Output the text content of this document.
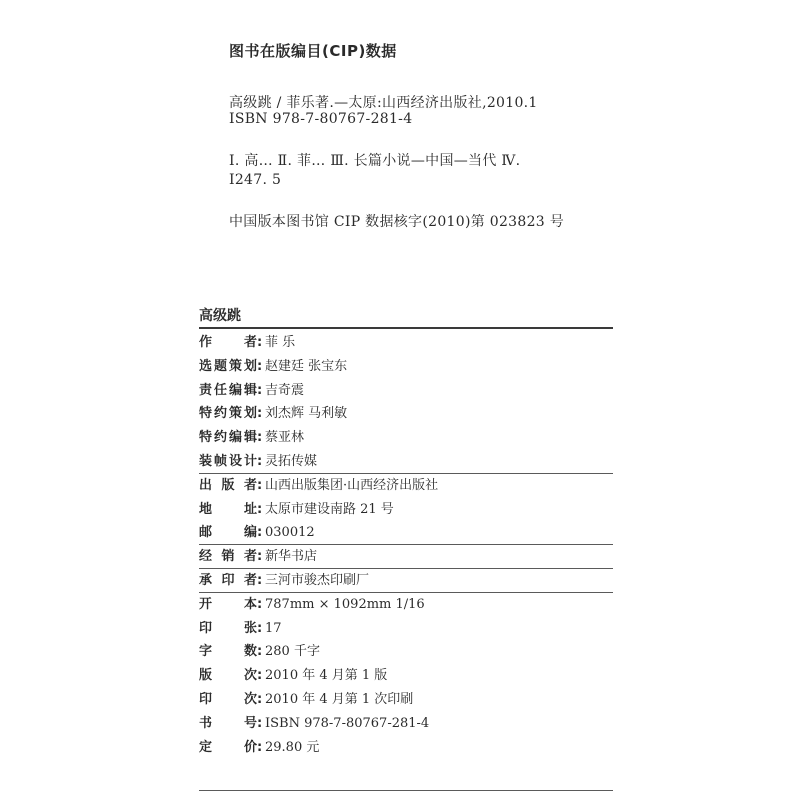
图书在版编目(CIP)数据
高级跳 / 菲乐著.—太原:山西经济出版社,2010.1
ISBN 978-7-80767-281-4
Ⅰ. 高… Ⅱ. 菲… Ⅲ. 长篇小说—中国—当代 Ⅳ.
I247. 5
中国版本图书馆 CIP 数据核字(2010)第 023823 号
高级跳
作者: 菲 乐
选题策划: 赵建廷 张宝东
责任编辑: 吉奇震
特约策划: 刘杰辉 马利敏
特约编辑: 蔡亚林
装帧设计: 灵拓传媒
出版者: 山西出版集团·山西经济出版社
地址: 太原市建设南路 21 号
邮编: 030012
经销者: 新华书店
承印者: 三河市骏杰印刷厂
开本: 787mm × 1092mm 1/16
印张: 17
字数: 280 千字
版次: 2010 年 4 月第 1 版
印次: 2010 年 4 月第 1 次印刷
书号: ISBN 978-7-80767-281-4
定价: 29.80 元
